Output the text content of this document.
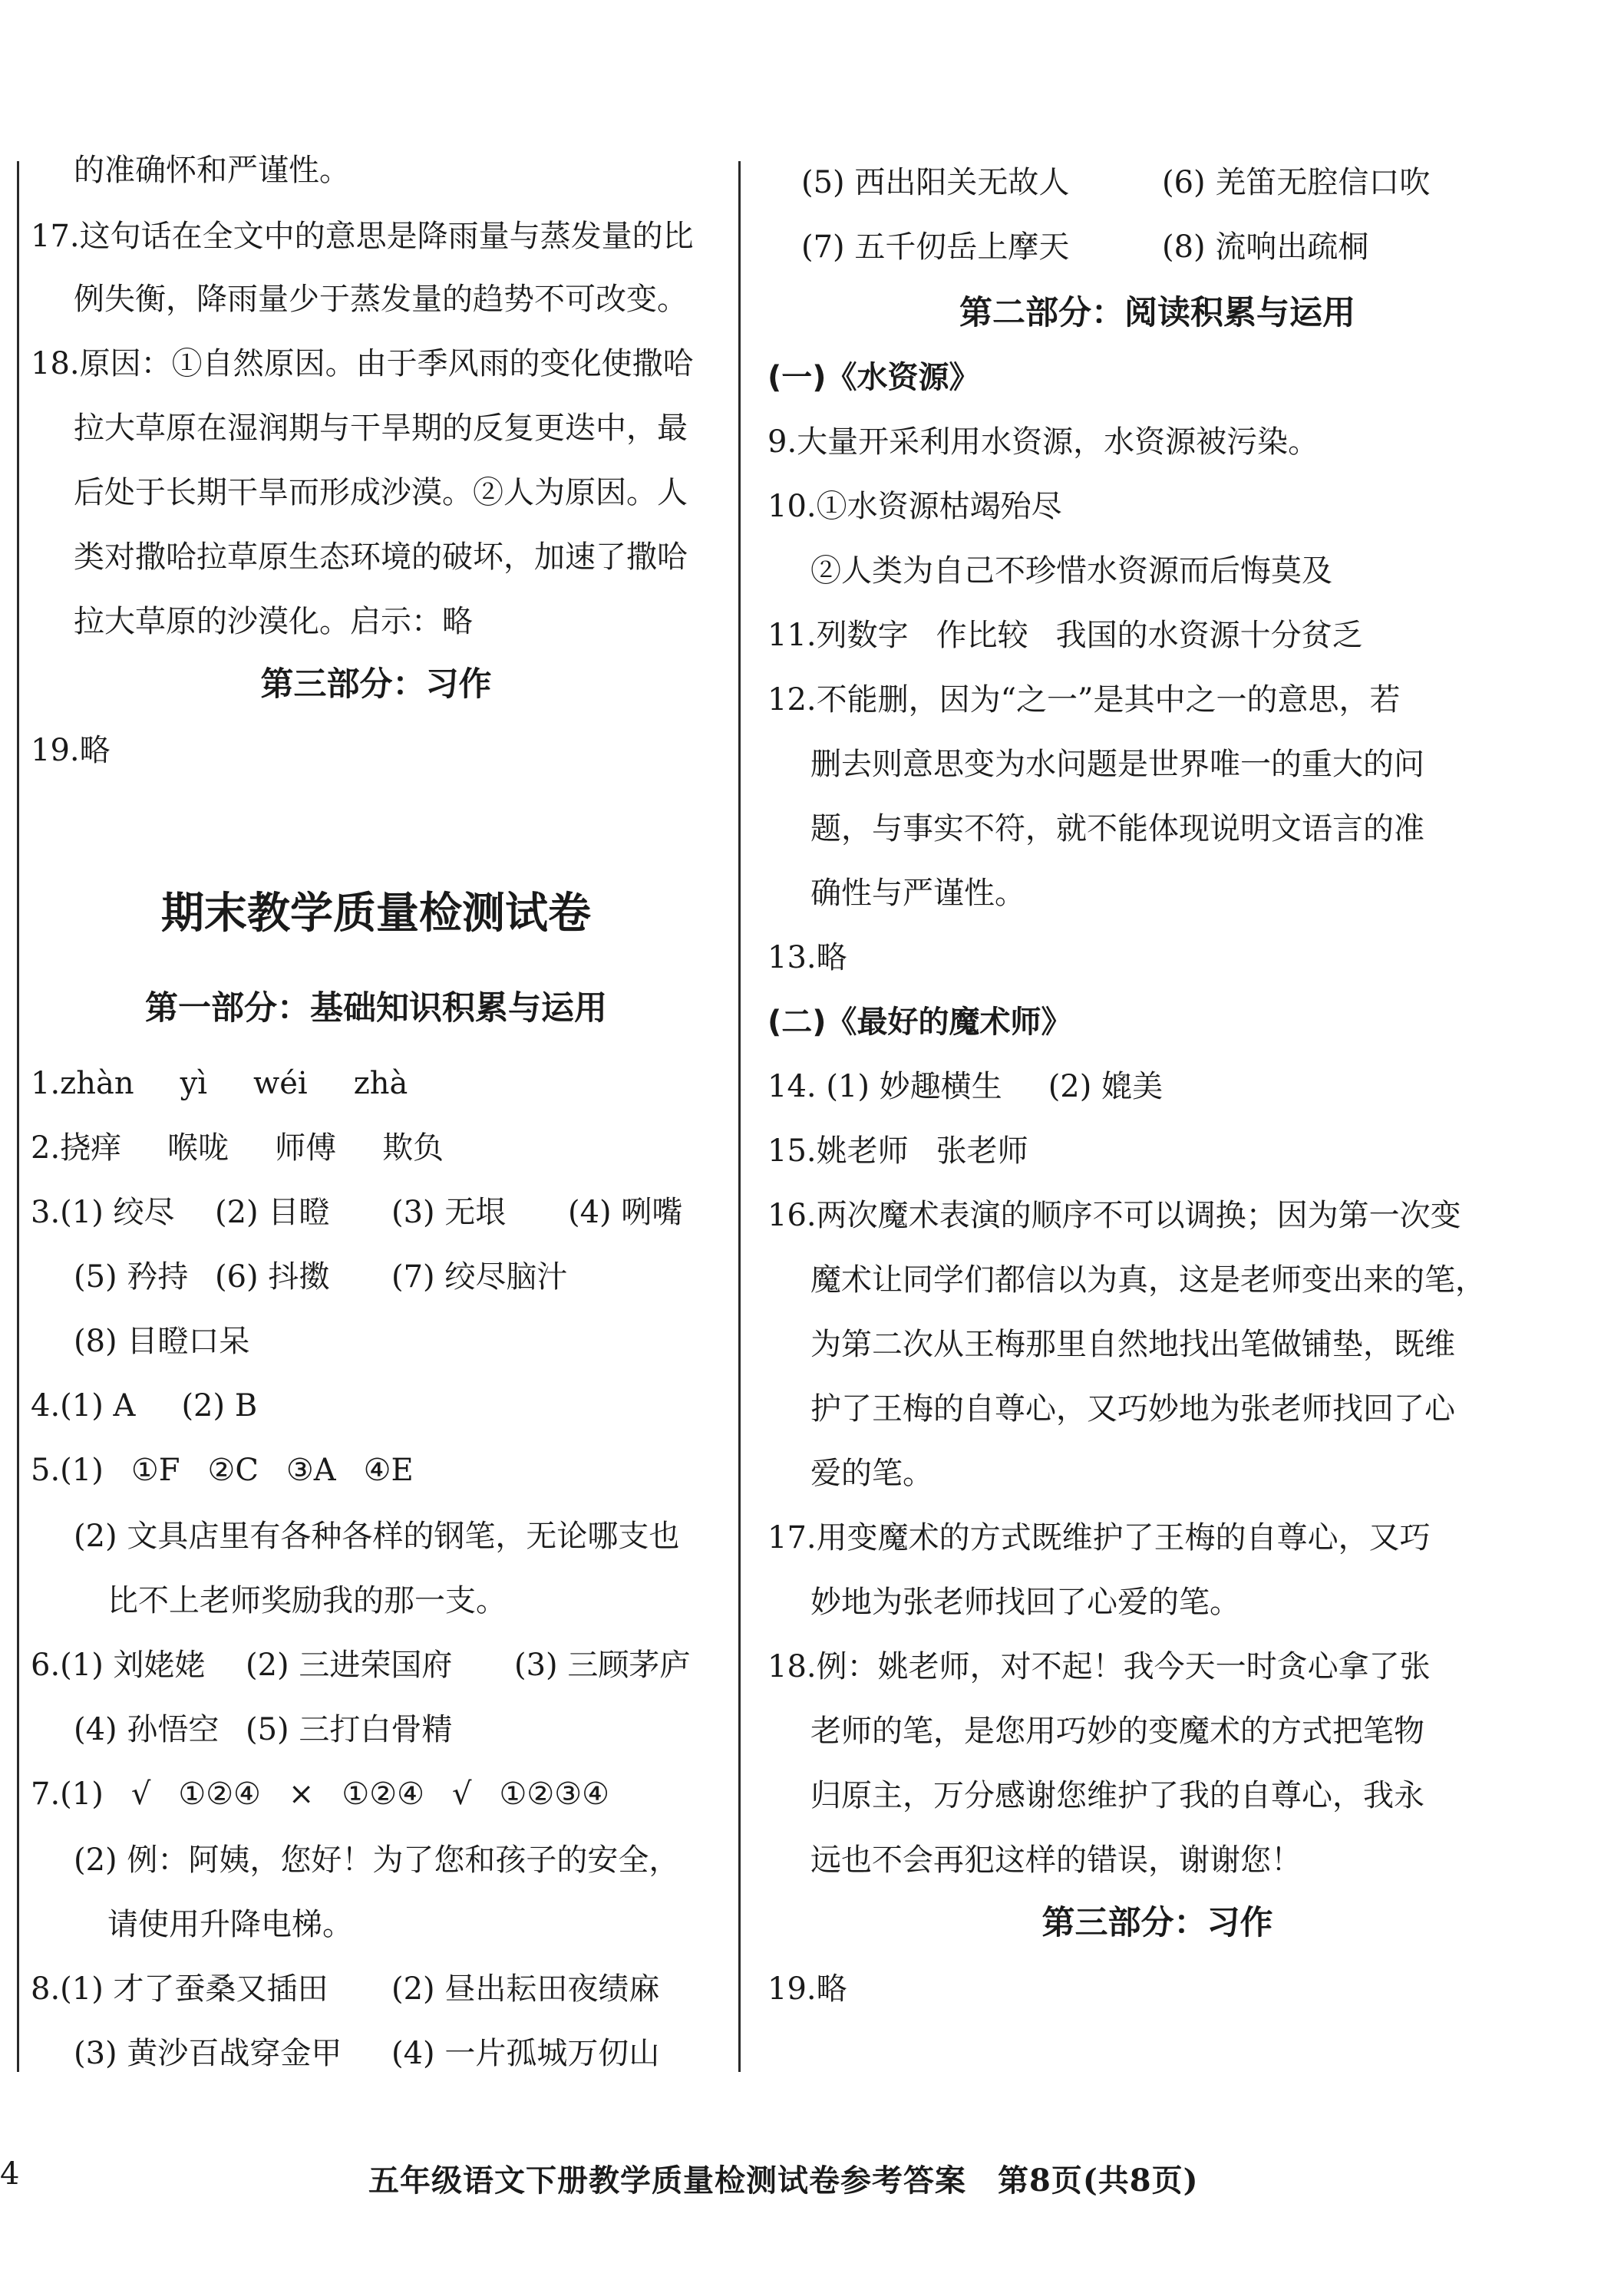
的准确怀和严谨性。
17.这句话在全文中的意思是降雨量与蒸发量的比
例失衡，降雨量少于蒸发量的趋势不可改变。
18.原因：①自然原因。由于季风雨的变化使撒哈
拉大草原在湿润期与干旱期的反复更迭中，最
后处于长期干旱而形成沙漠。②人为原因。人
类对撒哈拉草原生态环境的破坏，加速了撒哈
拉大草原的沙漠化。启示：略
第三部分：习作
19.略
期末教学质量检测试卷
第一部分：基础知识积累与运用
1.zhàn yì wéi zhà
2.挠痒 喉咙 师傅 欺负
3.(1) 绞尽 (2) 目瞪 (3) 无垠 (4) 咧嘴
(5) 矜持 (6) 抖擞 (7) 绞尽脑汁
(8) 目瞪口呆
4.(1) A (2) B
5.(1) ①F ②C ③A ④E
(2) 文具店里有各种各样的钢笔，无论哪支也
比不上老师奖励我的那一支。
6.(1) 刘姥姥 (2) 三进荣国府 (3) 三顾茅庐
(4) 孙悟空 (5) 三打白骨精
7.(1) √ ①②④ × ①②④ √ ①②③④
(2) 例：阿姨，您好！为了您和孩子的安全，
请使用升降电梯。
8.(1) 才了蚕桑又插田 (2) 昼出耘田夜绩麻
(3) 黄沙百战穿金甲 (4) 一片孤城万仞山
(5) 西出阳关无故人	(6) 羌笛无腔信口吹
(7) 五千仞岳上摩天	(8) 流响出疏桐
第二部分：阅读积累与运用
(一)《水资源》
9.大量开采利用水资源，水资源被污染。
10.①水资源枯竭殆尽
②人类为自己不珍惜水资源而后悔莫及
11.列数字 作比较 我国的水资源十分贫乏
12.不能删，因为“之一”是其中之一的意思，若
删去则意思变为水问题是世界唯一的重大的问
题，与事实不符，就不能体现说明文语言的准
确性与严谨性。
13.略
(二)《最好的魔术师》
14. (1) 妙趣横生 (2) 媲美
15.姚老师 张老师
16.两次魔术表演的顺序不可以调换；因为第一次变
魔术让同学们都信以为真，这是老师变出来的笔，
为第二次从王梅那里自然地找出笔做铺垫，既维
护了王梅的自尊心，又巧妙地为张老师找回了心
爱的笔。
17.用变魔术的方式既维护了王梅的自尊心，又巧
妙地为张老师找回了心爱的笔。
18.例：姚老师，对不起！我今天一时贪心拿了张
老师的笔，是您用巧妙的变魔术的方式把笔物
归原主，万分感谢您维护了我的自尊心，我永
远也不会再犯这样的错误，谢谢您！
第三部分：习作
19.略
4	五年级语文下册教学质量检测试卷参考答案　第8页(共8页)
